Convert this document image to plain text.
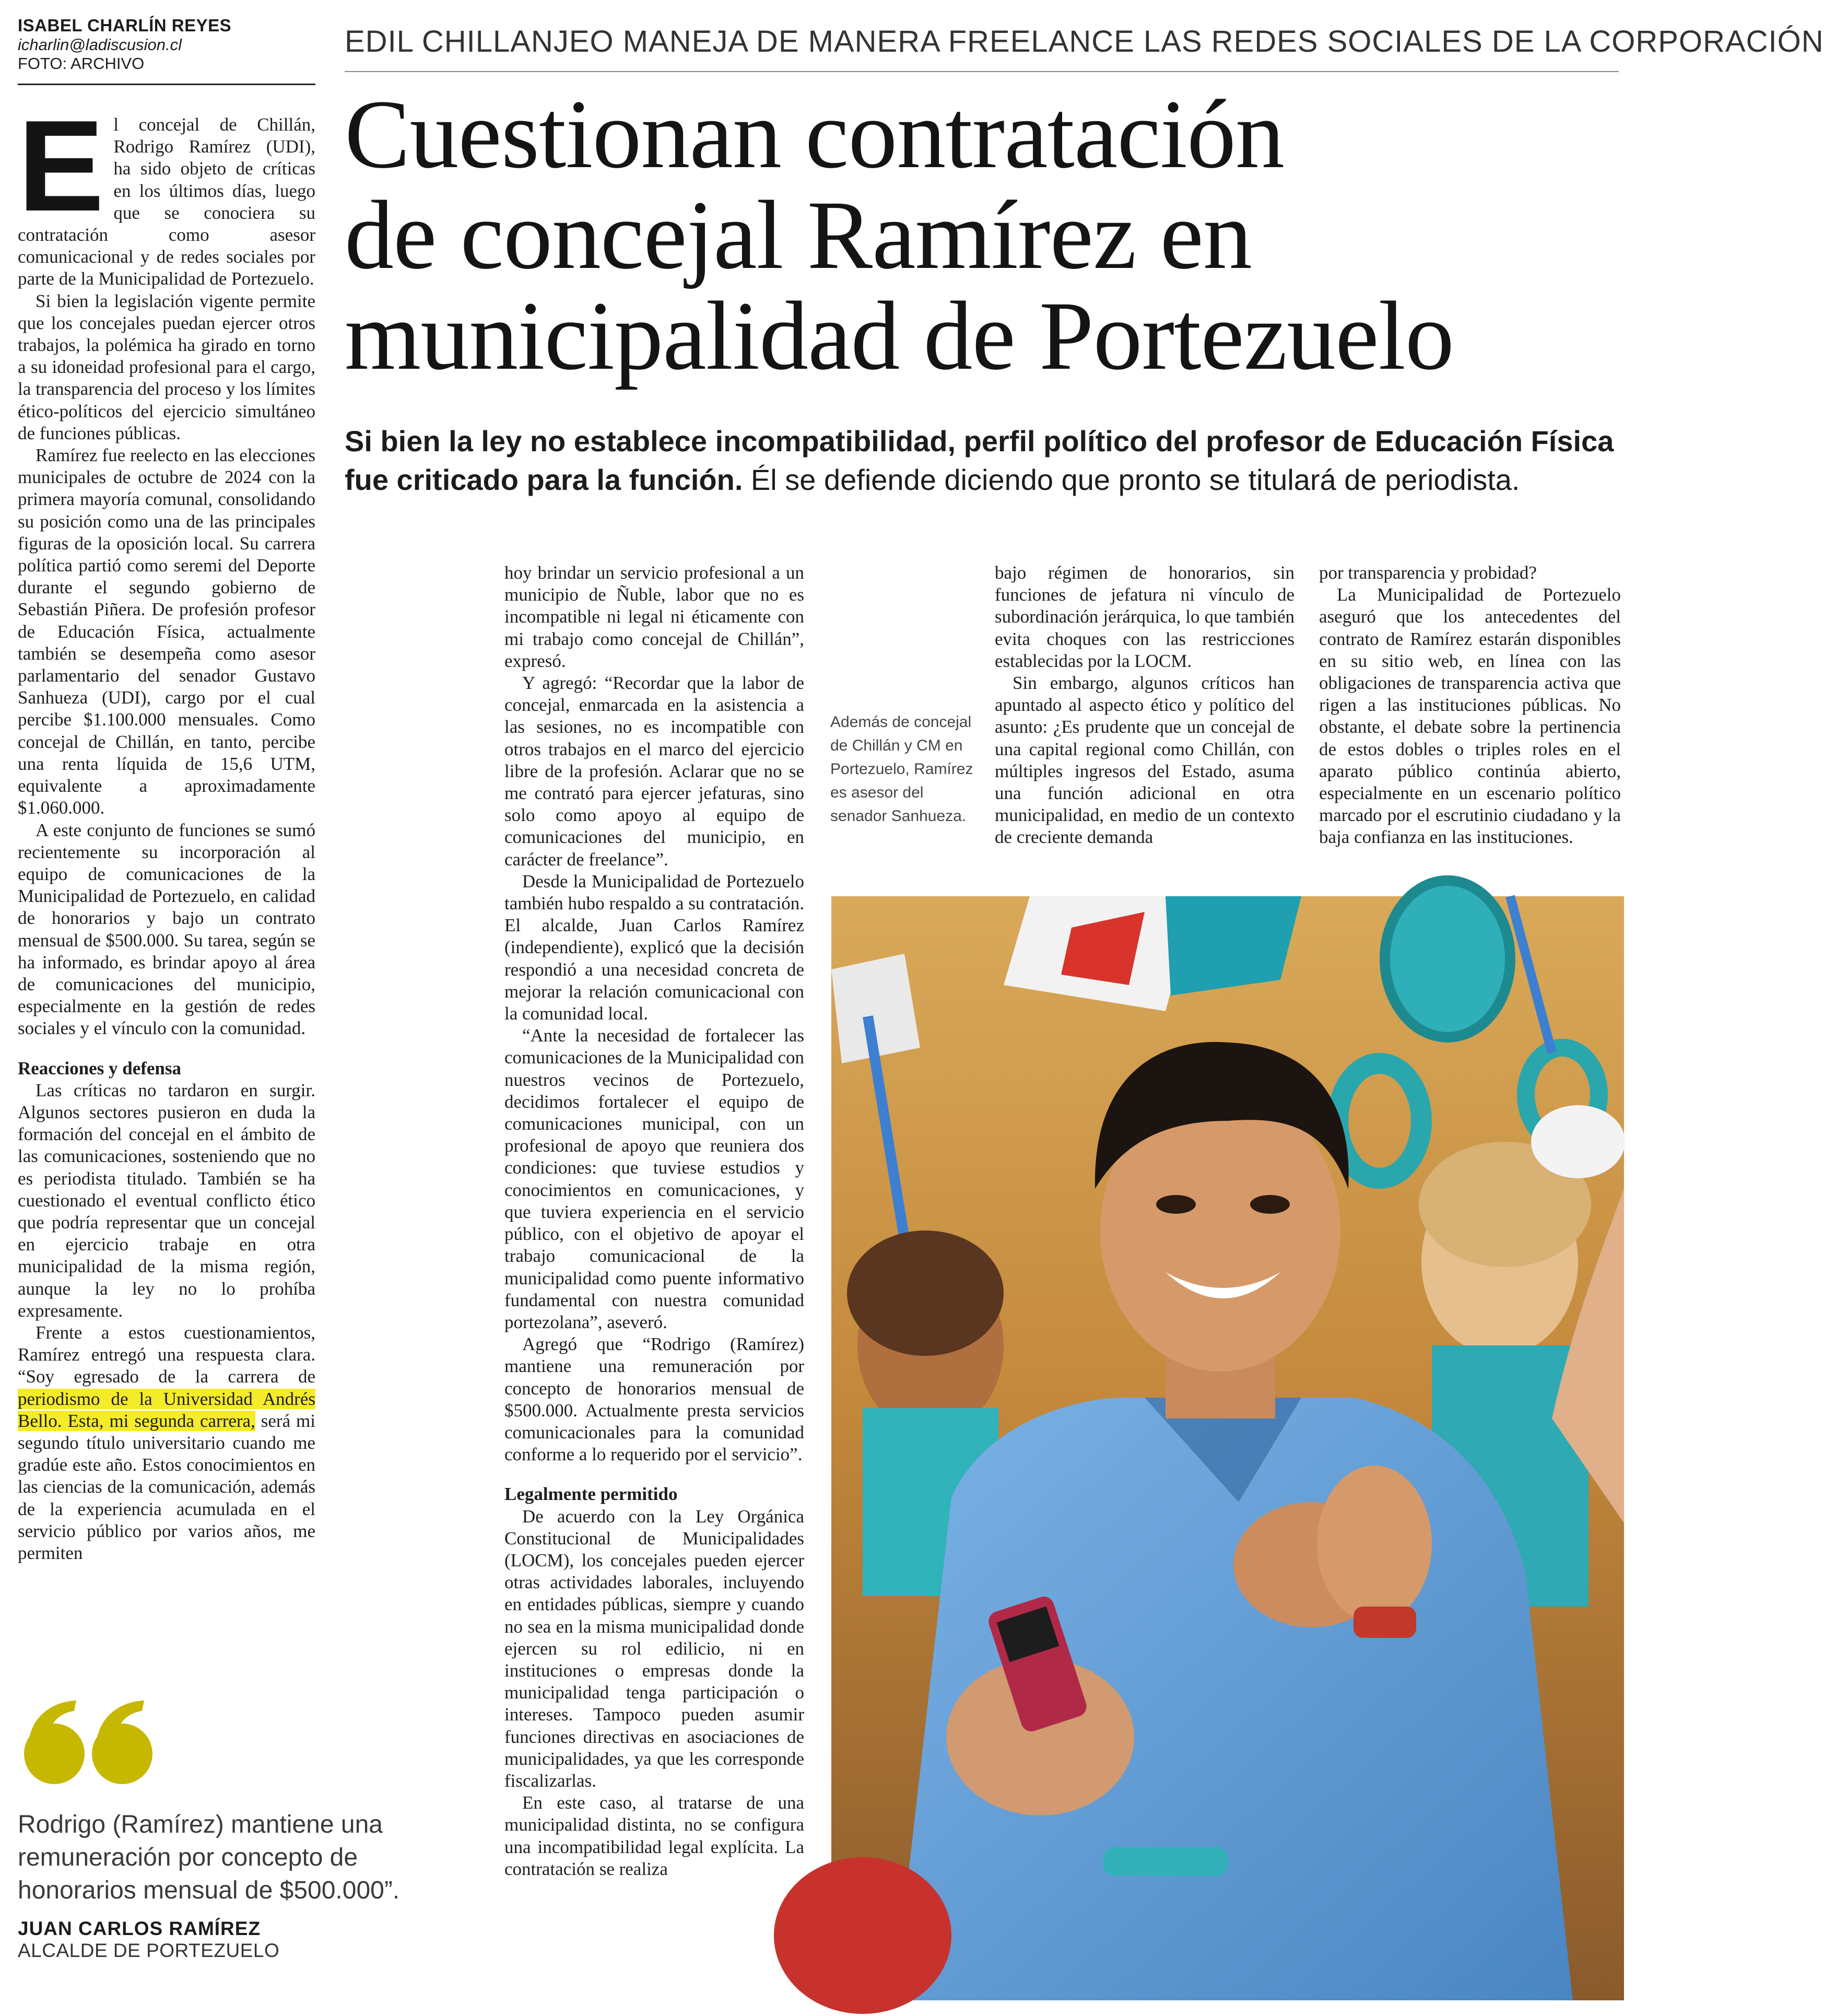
ISABEL CHARLÍN REYES
icharlin@ladiscusion.cl
FOTO: ARCHIVO
EDIL CHILLANJEO MANEJA DE MANERA FREELANCE LAS REDES SOCIALES DE LA CORPORACIÓN
Cuestionan contratación
de concejal Ramírez en
municipalidad de Portezuelo
Si bien la ley no establece incompatibilidad, perfil político del profesor de Educación Física fue criticado para la función. Él se defiende diciendo que pronto se titulará de periodista.

El concejal de Chillán, Rodrigo Ramírez (UDI), ha sido objeto de críticas en los últimos días, luego que se conociera su contratación como asesor comunicacional y de redes sociales por parte de la Municipalidad de Portezuelo.

Si bien la legislación vigente permite que los concejales puedan ejercer otros trabajos, la polémica ha girado en torno a su idoneidad profesional para el cargo, la transparencia del proceso y los límites ético-políticos del ejercicio simultáneo de funciones públicas.

Ramírez fue reelecto en las elecciones municipales de octubre de 2024 con la primera mayoría comunal, consolidando su posición como una de las principales figuras de la oposición local. Su carrera política partió como seremi del Deporte durante el segundo gobierno de Sebastián Piñera. De profesión profesor de Educación Física, actualmente también se desempeña como asesor parlamentario del senador Gustavo Sanhueza (UDI), cargo por el cual percibe $1.100.000 mensuales. Como concejal de Chillán, en tanto, percibe una renta líquida de 15,6 UTM, equivalente a aproximadamente $1.060.000.

A este conjunto de funciones se sumó recientemente su incorporación al equipo de comunicaciones de la Municipalidad de Portezuelo, en calidad de honorarios y bajo un contrato mensual de $500.000. Su tarea, según se ha informado, es brindar apoyo al área de comunicaciones del municipio, especialmente en la gestión de redes sociales y el vínculo con la comunidad.

Reacciones y defensa

Las críticas no tardaron en surgir. Algunos sectores pusieron en duda la formación del concejal en el ámbito de las comunicaciones, sosteniendo que no es periodista titulado. También se ha cuestionado el eventual conflicto ético que podría representar que un concejal en ejercicio trabaje en otra municipalidad de la misma región, aunque la ley no lo prohíba expresamente.

Frente a estos cuestionamientos, Ramírez entregó una respuesta clara. “Soy egresado de la carrera de periodismo de la Universidad Andrés Bello. Esta, mi segunda carrera, será mi segundo título universitario cuando me gradúe este año. Estos conocimientos en las ciencias de la comunicación, además de la experiencia acumulada en el servicio público por varios años, me permiten

Rodrigo (Ramírez) mantiene una remuneración por concepto de honorarios mensual de $500.000”.
JUAN CARLOS RAMÍREZ
ALCALDE DE PORTEZUELO

hoy brindar un servicio profesional a un municipio de Ñuble, labor que no es incompatible ni legal ni éticamente con mi trabajo como concejal de Chillán”, expresó.

Y agregó: “Recordar que la labor de concejal, enmarcada en la asistencia a las sesiones, no es incompatible con otros trabajos en el marco del ejercicio libre de la profesión. Aclarar que no se me contrató para ejercer jefaturas, sino solo como apoyo al equipo de comunicaciones del municipio, en carácter de freelance”.

Desde la Municipalidad de Portezuelo también hubo respaldo a su contratación. El alcalde, Juan Carlos Ramírez (independiente), explicó que la decisión respondió a una necesidad concreta de mejorar la relación comunicacional con la comunidad local.

“Ante la necesidad de fortalecer las comunicaciones de la Municipalidad con nuestros vecinos de Portezuelo, decidimos fortalecer el equipo de comunicaciones municipal, con un profesional de apoyo que reuniera dos condiciones: que tuviese estudios y conocimientos en comunicaciones, y que tuviera experiencia en el servicio público, con el objetivo de apoyar el trabajo comunicacional de la municipalidad como puente informativo fundamental con nuestra comunidad portezolana”, aseveró.

Agregó que “Rodrigo (Ramírez) mantiene una remuneración por concepto de honorarios mensual de $500.000. Actualmente presta servicios comunicacionales para la comunidad conforme a lo requerido por el servicio”.

Legalmente permitido

De acuerdo con la Ley Orgánica Constitucional de Municipalidades (LOCM), los concejales pueden ejercer otras actividades laborales, incluyendo en entidades públicas, siempre y cuando no sea en la misma municipalidad donde ejercen su rol edilicio, ni en instituciones o empresas donde la municipalidad tenga participación o intereses. Tampoco pueden asumir funciones directivas en asociaciones de municipalidades, ya que les corresponde fiscalizarlas.

En este caso, al tratarse de una municipalidad distinta, no se configura una incompatibilidad legal explícita. La contratación se realiza

Además de concejal de Chillán y CM en Portezuelo, Ramírez es asesor del senador Sanhueza.

bajo régimen de honorarios, sin funciones de jefatura ni vínculo de subordinación jerárquica, lo que también evita choques con las restricciones establecidas por la LOCM.

Sin embargo, algunos críticos han apuntado al aspecto ético y político del asunto: ¿Es prudente que un concejal de una capital regional como Chillán, con múltiples ingresos del Estado, asuma una función adicional en otra municipalidad, en medio de un contexto de creciente demanda

por transparencia y probidad?

La Municipalidad de Portezuelo aseguró que los antecedentes del contrato de Ramírez estarán disponibles en su sitio web, en línea con las obligaciones de transparencia activa que rigen a las instituciones públicas. No obstante, el debate sobre la pertinencia de estos dobles o triples roles en el aparato público continúa abierto, especialmente en un escenario político marcado por el escrutinio ciudadano y la baja confianza en las instituciones.
